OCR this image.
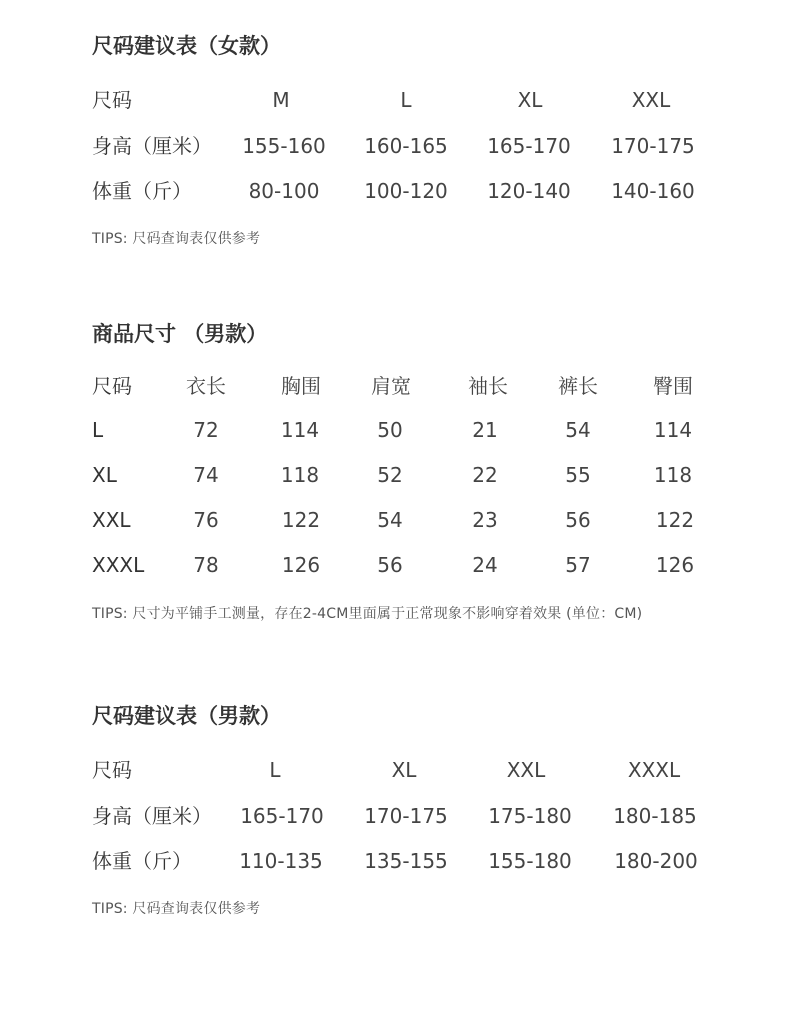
尺码建议表（女款）
尺码	M	L	XL	XXL
身高（厘米） 155-160 160-165 165-170 170-175
体重（斤）	80-100 100-120 120-140 140-160
TIPS: 尺码查询表仅供参考
商品尺寸 （男款）
尺码	衣长	胸围	肩宽	袖长	裤长	臀围
L	72	114	50	21	54	114
XL	74	118	52	22	55	118
XXL	76	122	54	23	56	122
XXXL 78	126	56	24	57	126
TIPS: 尺寸为平铺手工测量，存在2-4CM里面属于正常现象不影响穿着效果 (单位：CM)
尺码建议表（男款）
尺码	L	XL	XXL	XXXL
身高（厘米） 165-170 170-175 175-180 180-185
体重（斤） 110-135 135-155 155-180 180-200
TIPS: 尺码查询表仅供参考
